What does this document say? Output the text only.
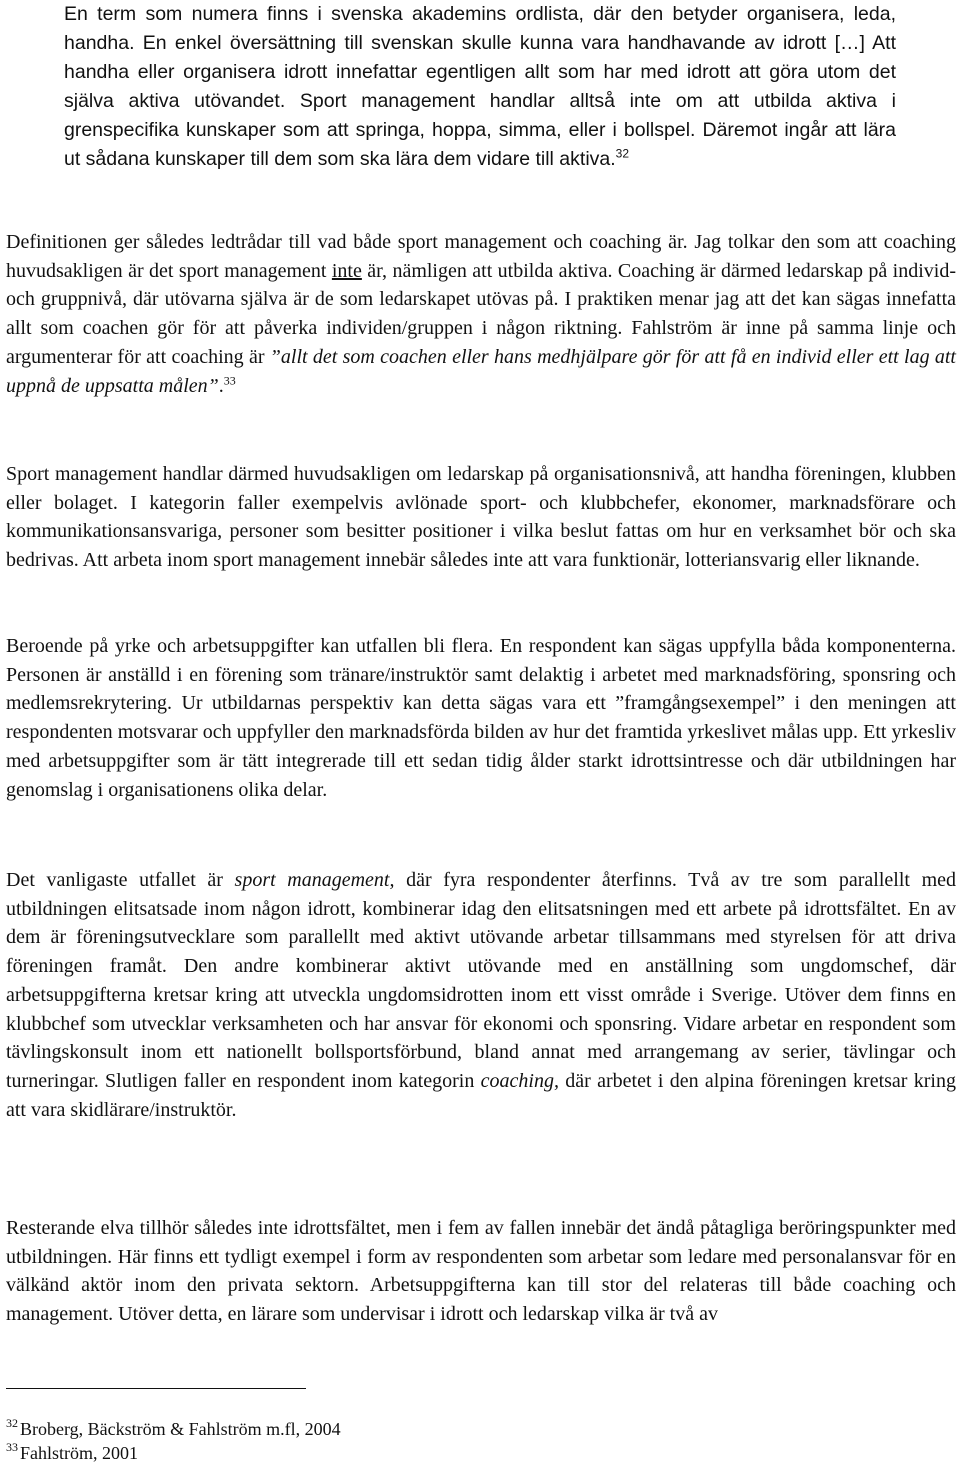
En term som numera finns i svenska akademins ordlista, där den betyder organisera, leda, handha. En enkel översättning till svenskan skulle kunna vara handhavande av idrott […] Att handha eller organisera idrott innefattar egentligen allt som har med idrott att göra utom det själva aktiva utövandet. Sport management handlar alltså inte om att utbilda aktiva i grenspecifika kunskaper som att springa, hoppa, simma, eller i bollspel. Däremot ingår att lära ut sådana kunskaper till dem som ska lära dem vidare till aktiva.$^{32}$
Definitionen ger således ledtrådar till vad både sport management och coaching är. Jag tolkar den som att coaching huvudsakligen är det sport management inte är, nämligen att utbilda aktiva. Coaching är därmed ledarskap på individ- och gruppnivå, där utövarna själva är de som ledarskapet utövas på. I praktiken menar jag att det kan sägas innefatta allt som coachen gör för att påverka individen/gruppen i någon riktning. Fahlström är inne på samma linje och argumenterar för att coaching är ”allt det som coachen eller hans medhjälpare gör för att få en individ eller ett lag att uppnå de uppsatta målen”.$^{33}$
Sport management handlar därmed huvudsakligen om ledarskap på organisationsnivå, att handha föreningen, klubben eller bolaget. I kategorin faller exempelvis avlönade sport- och klubbchefer, ekonomer, marknadsförare och kommunikationsansvariga, personer som besitter positioner i vilka beslut fattas om hur en verksamhet bör och ska bedrivas. Att arbeta inom sport management innebär således inte att vara funktionär, lotteriansvarig eller liknande.
Beroende på yrke och arbetsuppgifter kan utfallen bli flera. En respondent kan sägas uppfylla båda komponenterna. Personen är anställd i en förening som tränare/instruktör samt delaktig i arbetet med marknadsföring, sponsring och medlemsrekrytering. Ur utbildarnas perspektiv kan detta sägas vara ett ”framgångsexempel” i den meningen att respondenten motsvarar och uppfyller den marknadsförda bilden av hur det framtida yrkeslivet målas upp. Ett yrkesliv med arbetsuppgifter som är tätt integrerade till ett sedan tidig ålder starkt idrottsintresse och där utbildningen har genomslag i organisationens olika delar.
Det vanligaste utfallet är sport management, där fyra respondenter återfinns. Två av tre som parallellt med utbildningen elitsatsade inom någon idrott, kombinerar idag den elitsatsningen med ett arbete på idrottsfältet. En av dem är föreningsutvecklare som parallellt med aktivt utövande arbetar tillsammans med styrelsen för att driva föreningen framåt. Den andre kombinerar aktivt utövande med en anställning som ungdomschef, där arbetsuppgifterna kretsar kring att utveckla ungdomsidrotten inom ett visst område i Sverige. Utöver dem finns en klubbchef som utvecklar verksamheten och har ansvar för ekonomi och sponsring. Vidare arbetar en respondent som tävlingskonsult inom ett nationellt bollsportsförbund, bland annat med arrangemang av serier, tävlingar och turneringar. Slutligen faller en respondent inom kategorin coaching, där arbetet i den alpina föreningen kretsar kring att vara skidlärare/instruktör.
Resterande elva tillhör således inte idrottsfältet, men i fem av fallen innebär det ändå påtagliga beröringspunkter med utbildningen. Här finns ett tydligt exempel i form av respondenten som arbetar som ledare med personalansvar för en välkänd aktör inom den privata sektorn. Arbetsuppgifterna kan till stor del relateras till både coaching och management. Utöver detta, en lärare som undervisar i idrott och ledarskap vilka är två av
$^{32}$ Broberg, Bäckström & Fahlström m.fl, 2004
$^{33}$ Fahlström, 2001
